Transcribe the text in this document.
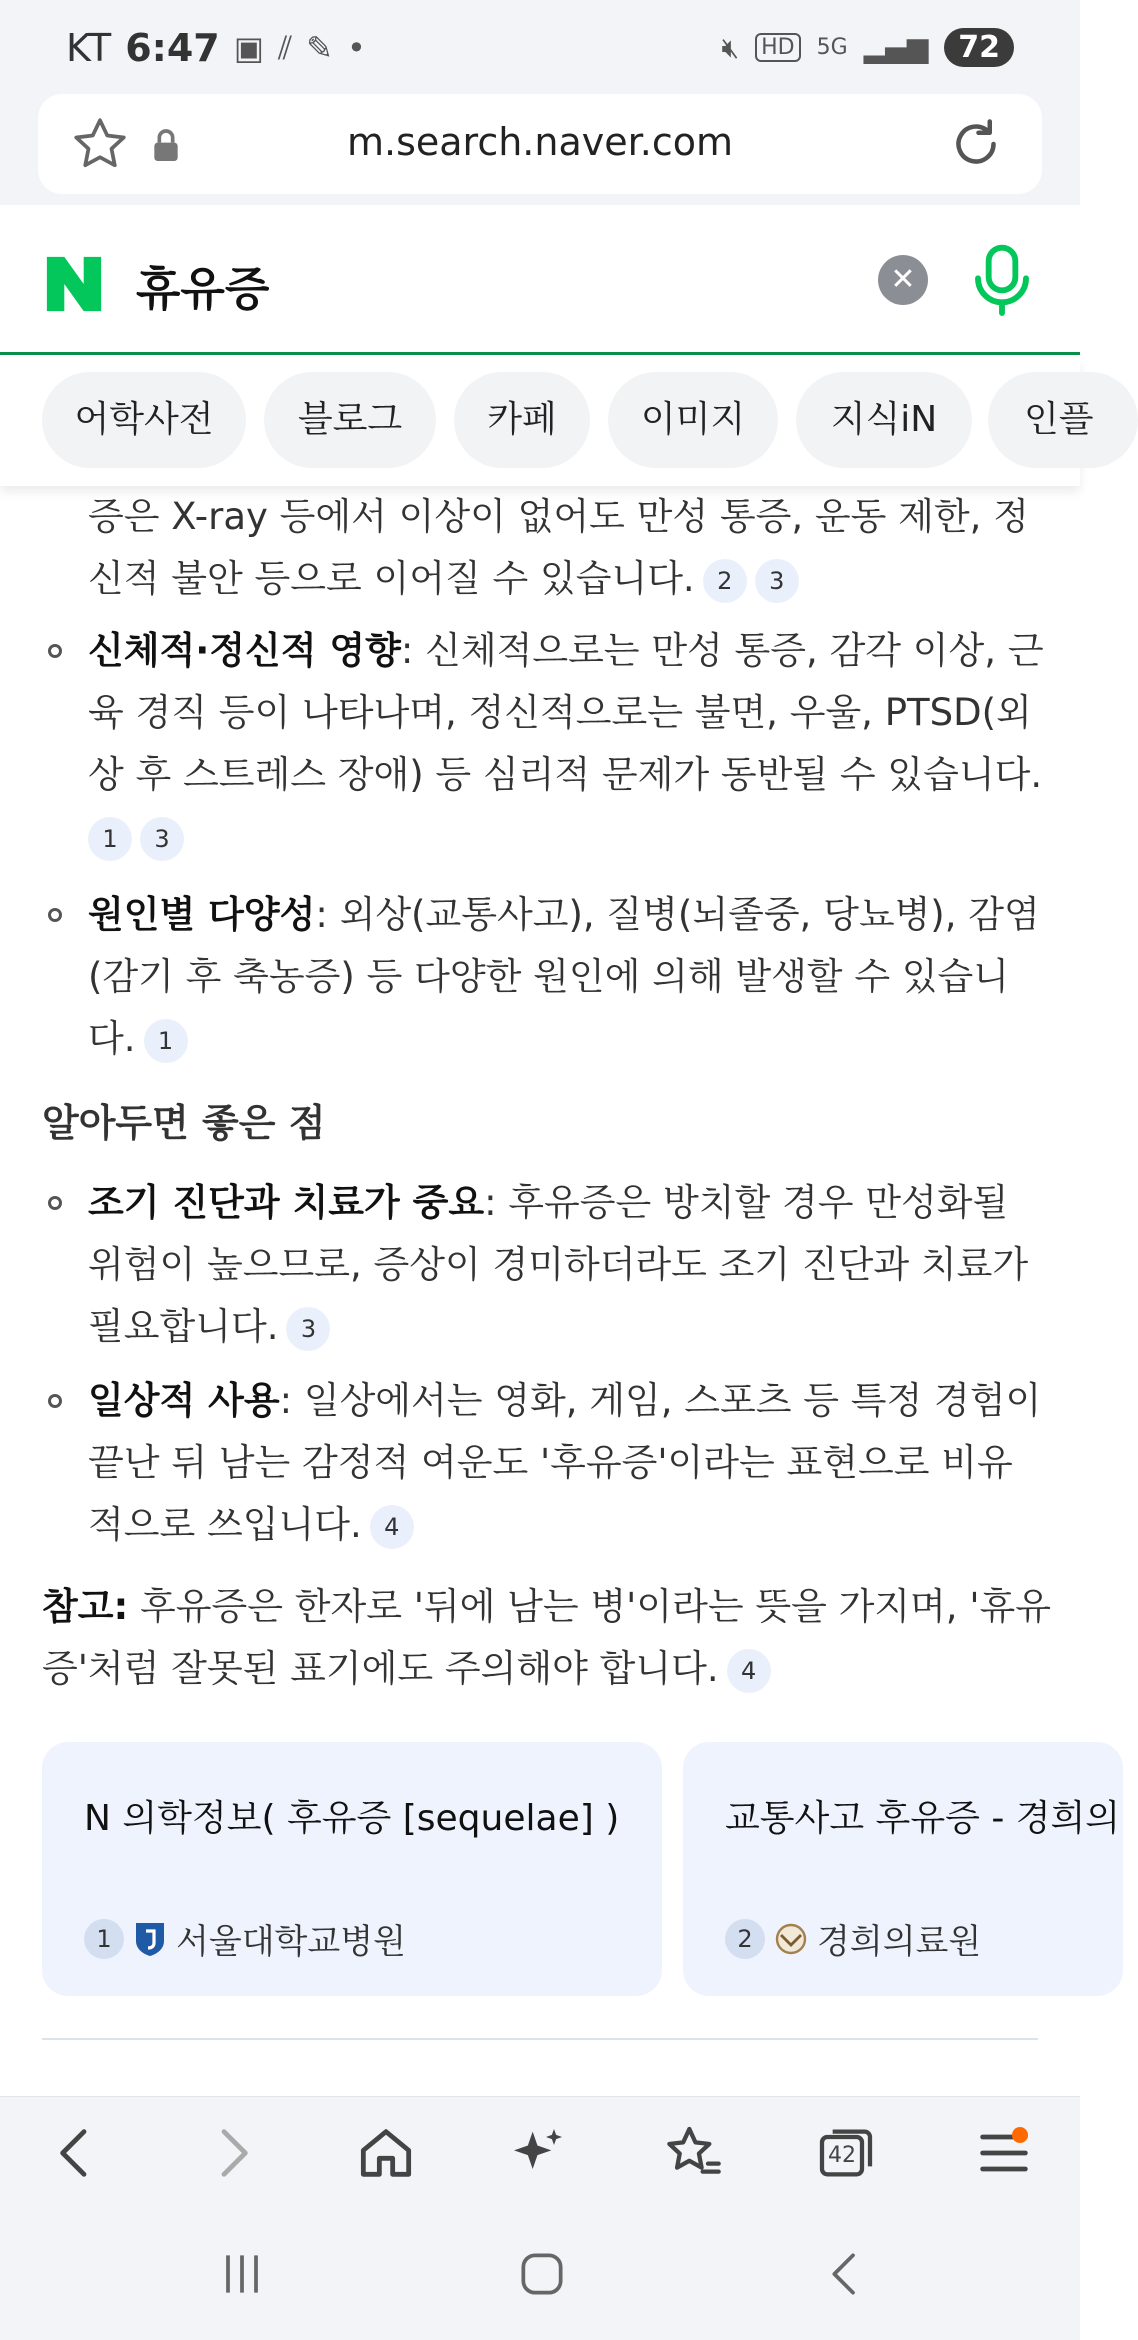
KT 6:47 ▣ ⫽ ✎ •	🔇︎ HD 5G ▂▄▆	72
m.search.naver.com
휴유증	✕
어학사전	블로그	카페	이미지	지식iN	인플
증은 X-ray 등에서 이상이 없어도 만성 통증, 운동 제한, 정
신적 불안 등으로 이어질 수 있습니다. 2 3
신체적·정신적 영향: 신체적으로는 만성 통증, 감각 이상, 근
육 경직 등이 나타나며, 정신적으로는 불면, 우울, PTSD(외
상 후 스트레스 장애) 등 심리적 문제가 동반될 수 있습니다.
1 3
원인별 다양성: 외상(교통사고), 질병(뇌졸중, 당뇨병), 감염
(감기 후 축농증) 등 다양한 원인에 의해 발생할 수 있습니
다. 1
알아두면 좋은 점
조기 진단과 치료가 중요: 후유증은 방치할 경우 만성화될
위험이 높으므로, 증상이 경미하더라도 조기 진단과 치료가
필요합니다. 3
일상적 사용: 일상에서는 영화, 게임, 스포츠 등 특정 경험이
끝난 뒤 남는 감정적 여운도 '후유증'이라는 표현으로 비유
적으로 쓰입니다. 4
참고: 후유증은 한자로 '뒤에 남는 병'이라는 뜻을 가지며, '휴유
증'처럼 잘못된 표기에도 주의해야 합니다. 4
N 의학정보( 후유증 [sequelae] )
1	서울대학교병원
교통사고 후유증 - 경희의
2	경희의료원
42
